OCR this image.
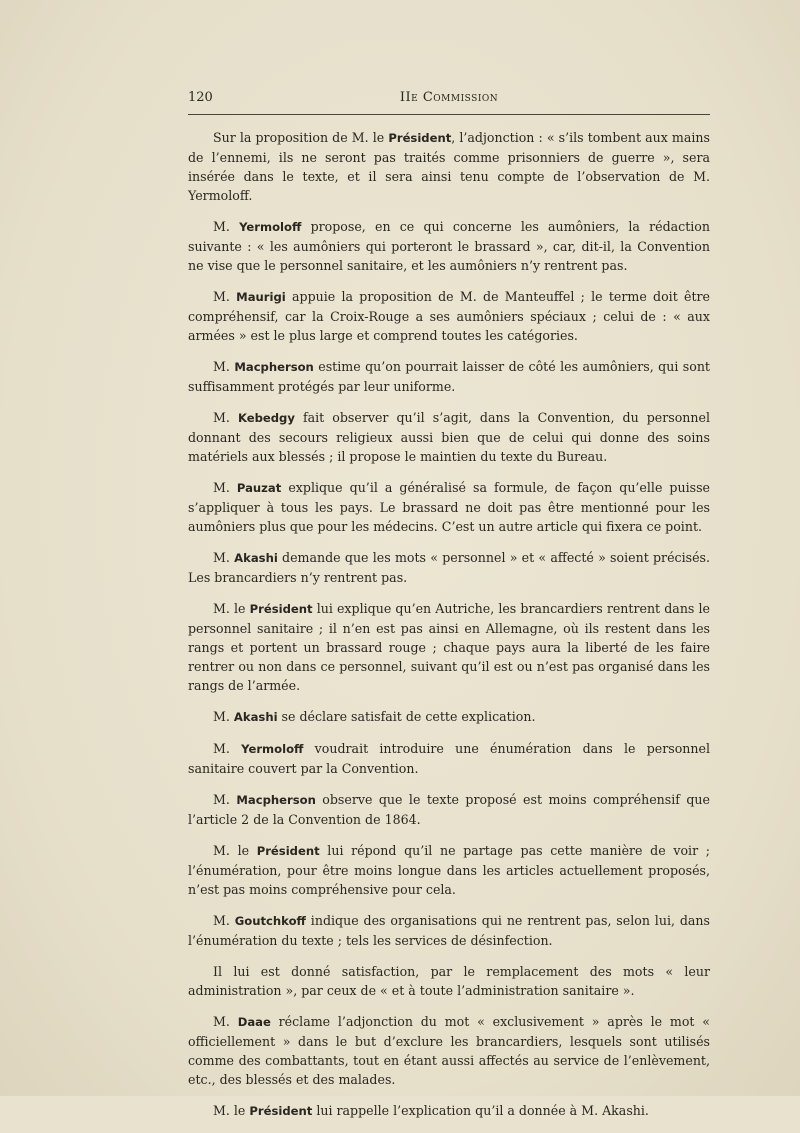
120	IIe Commission

Sur la proposition de M. le Président, l’adjonction : « s’ils tombent aux mains de l’ennemi, ils ne seront pas traités comme prisonniers de guerre », sera insérée dans le texte, et il sera ainsi tenu compte de l’observation de M. Yermoloff.

M. Yermoloff propose, en ce qui concerne les aumôniers, la rédaction suivante : « les aumôniers qui porteront le brassard », car, dit-il, la Convention ne vise que le personnel sanitaire, et les aumôniers n’y rentrent pas.

M. Maurigi appuie la proposition de M. de Manteuffel ; le terme doit être compréhensif, car la Croix-Rouge a ses aumôniers spéciaux ; celui de : « aux armées » est le plus large et comprend toutes les catégories.

M. Macpherson estime qu’on pourrait laisser de côté les aumôniers, qui sont suffisamment protégés par leur uniforme.

M. Kebedgy fait observer qu’il s’agit, dans la Convention, du personnel donnant des secours religieux aussi bien que de celui qui donne des soins matériels aux blessés ; il propose le maintien du texte du Bureau.

M. Pauzat explique qu’il a généralisé sa formule, de façon qu’elle puisse s’appliquer à tous les pays. Le brassard ne doit pas être mentionné pour les aumôniers plus que pour les médecins. C’est un autre article qui fixera ce point.

M. Akashi demande que les mots « personnel » et « affecté » soient précisés. Les brancardiers n’y rentrent pas.

M. le Président lui explique qu’en Autriche, les brancardiers rentrent dans le personnel sanitaire ; il n’en est pas ainsi en Allemagne, où ils restent dans les rangs et portent un brassard rouge ; chaque pays aura la liberté de les faire rentrer ou non dans ce personnel, suivant qu’il est ou n’est pas organisé dans les rangs de l’armée.

M. Akashi se déclare satisfait de cette explication.

M. Yermoloff voudrait introduire une énumération dans le personnel sanitaire couvert par la Convention.

M. Macpherson observe que le texte proposé est moins compréhensif que l’article 2 de la Convention de 1864.

M. le Président lui répond qu’il ne partage pas cette manière de voir ; l’énumération, pour être moins longue dans les articles actuellement proposés, n’est pas moins compréhensive pour cela.

M. Goutchkoff indique des organisations qui ne rentrent pas, selon lui, dans l’énumération du texte ; tels les services de désinfection.

Il lui est donné satisfaction, par le remplacement des mots « leur administration », par ceux de « et à toute l’administration sanitaire ».

M. Daae réclame l’adjonction du mot « exclusivement » après le mot « officiellement » dans le but d’exclure les brancardiers, lesquels sont utilisés comme des combattants, tout en étant aussi affectés au service de l’enlèvement, etc., des blessés et des malades.

M. le Président lui rappelle l’explication qu’il a donnée à M. Akashi.
